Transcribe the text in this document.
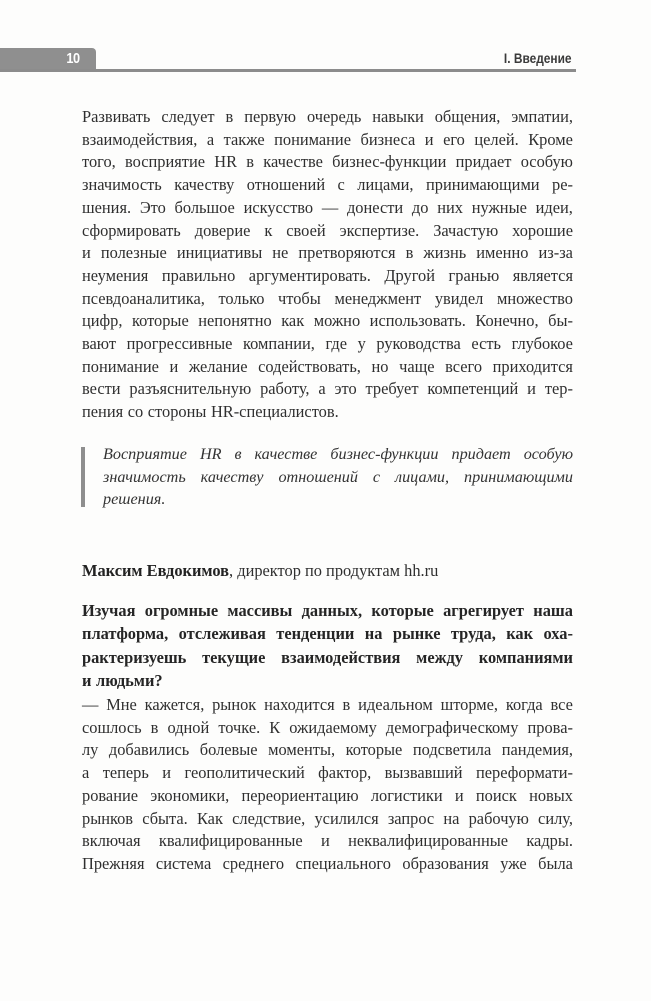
10	I. Введение
Развивать следует в первую очередь навыки общения, эмпатии,
взаимодействия, а также понимание бизнеса и его целей. Кроме
того, восприятие HR в качестве бизнес-функции придает особую
значимость качеству отношений с лицами, принимающими ре-
шения. Это большое искусство — донести до них нужные идеи,
сформировать доверие к своей экспертизе. Зачастую хорошие
и полезные инициативы не претворяются в жизнь именно из-за
неумения правильно аргументировать. Другой гранью является
псевдоаналитика, только чтобы менеджмент увидел множество
цифр, которые непонятно как можно использовать. Конечно, бы-
вают прогрессивные компании, где у руководства есть глубокое
понимание и желание содействовать, но чаще всего приходится
вести разъяснительную работу, а это требует компетенций и тер-
пения со стороны HR-специалистов.
Восприятие HR в качестве бизнес-функции придает особую
значимость качеству отношений с лицами, принимающими
решения.
Максим Евдокимов, директор по продуктам hh.ru
Изучая огромные массивы данных, которые агрегирует наша
платформа, отслеживая тенденции на рынке труда, как оха-
рактеризуешь текущие взаимодействия между компаниями
и людьми?
— Мне кажется, рынок находится в идеальном шторме, когда все
сошлось в одной точке. К ожидаемому демографическому прова-
лу добавились болевые моменты, которые подсветила пандемия,
а теперь и геополитический фактор, вызвавший переформати-
рование экономики, переориентацию логистики и поиск новых
рынков сбыта. Как следствие, усилился запрос на рабочую силу,
включая квалифицированные и неквалифицированные кадры.
Прежняя система среднего специального образования уже была
